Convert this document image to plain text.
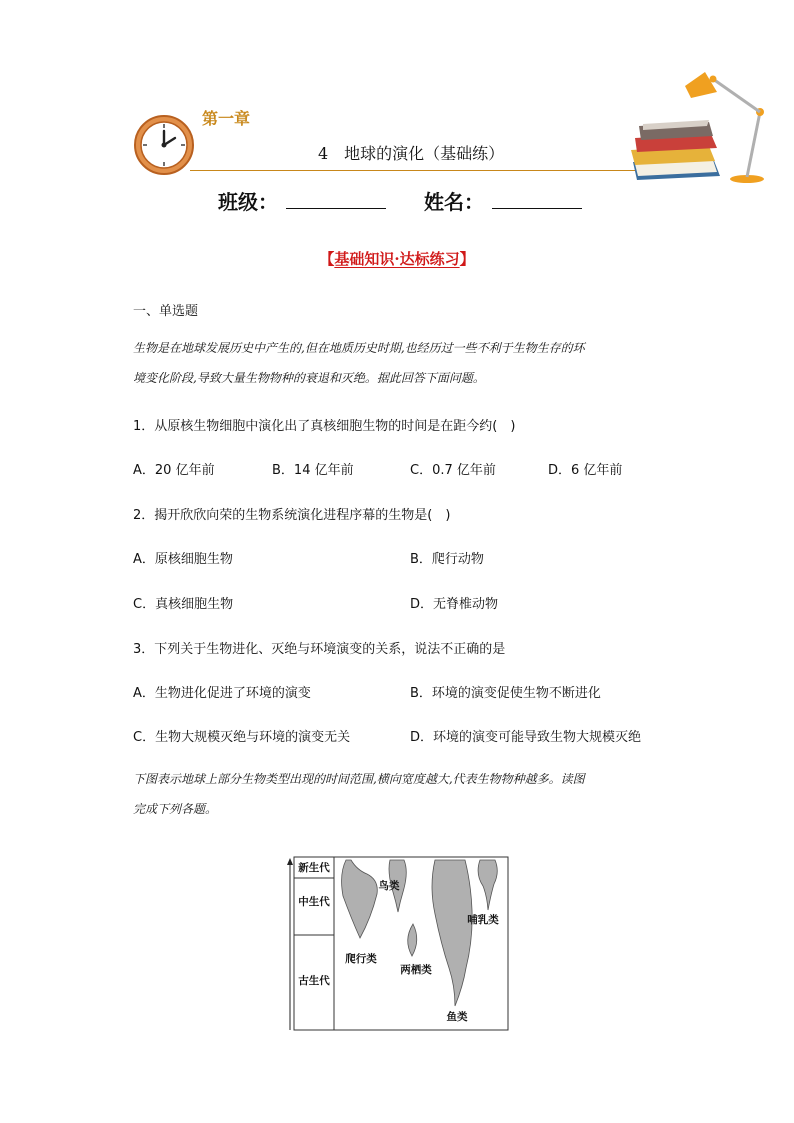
第一章
4　地球的演化（基础练）
班级：	姓名：
【基础知识·达标练习】
一、单选题
生物是在地球发展历史中产生的,但在地质历史时期,也经历过一些不利于生物生存的环
境变化阶段,导致大量生物物种的衰退和灭绝。据此回答下面问题。
1．从原核生物细胞中演化出了真核细胞生物的时间是在距今约(　)
A．20 亿年前	B．14 亿年前	C．0.7 亿年前	D．6 亿年前
2．揭开欣欣向荣的生物系统演化进程序幕的生物是(　)
A．原核细胞生物	B．爬行动物
C．真核细胞生物	D．无脊椎动物
3．下列关于生物进化、灭绝与环境演变的关系，说法不正确的是
A．生物进化促进了环境的演变	B．环境的演变促使生物不断进化
C．生物大规模灭绝与环境的演变无关	D．环境的演变可能导致生物大规模灭绝
下图表示地球上部分生物类型出现的时间范围,横向宽度越大,代表生物物种越多。读图
完成下列各题。
新生代
中生代
古生代
鸟类
哺乳类
爬行类
两栖类
鱼类
